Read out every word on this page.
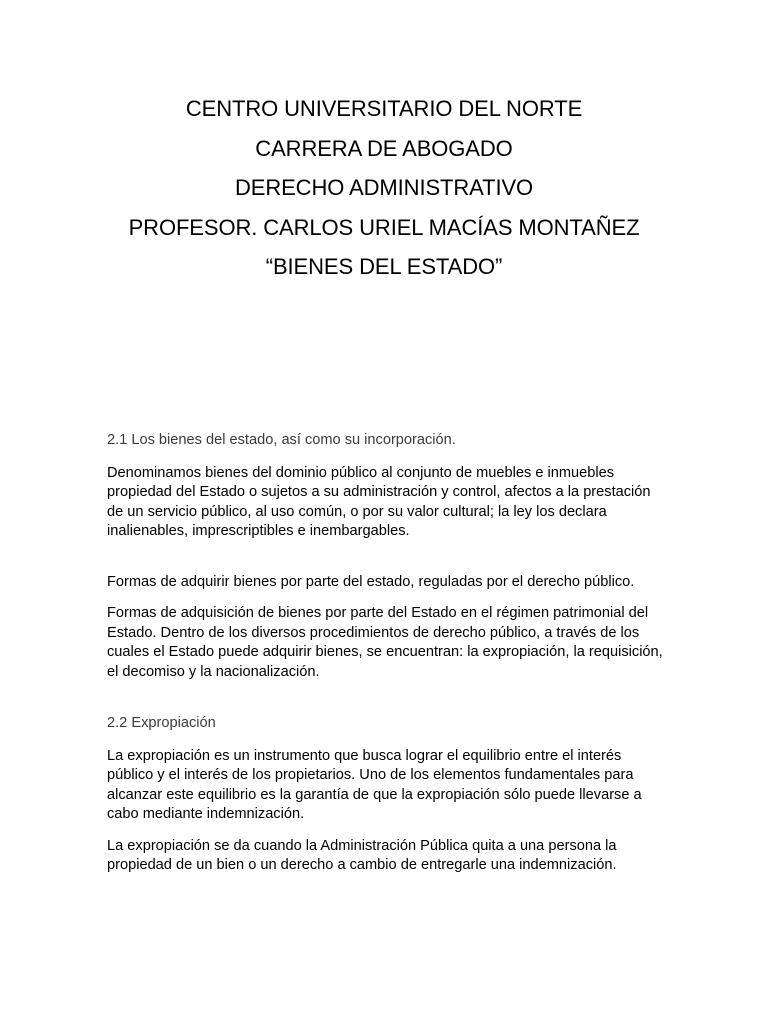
CENTRO UNIVERSITARIO DEL NORTE
CARRERA DE ABOGADO
DERECHO ADMINISTRATIVO
PROFESOR. CARLOS URIEL MACÍAS MONTAÑEZ
“BIENES DEL ESTADO”
2.1 Los bienes del estado, así como su incorporación.
Denominamos bienes del dominio público al conjunto de muebles e inmuebles propiedad del Estado o sujetos a su administración y control, afectos a la prestación de un servicio público, al uso común, o por su valor cultural; la ley los declara inalienables, imprescriptibles e inembargables.
Formas de adquirir bienes por parte del estado, reguladas por el derecho público.
Formas de adquisición de bienes por parte del Estado en el régimen patrimonial del Estado. Dentro de los diversos procedimientos de derecho público, a través de los cuales el Estado puede adquirir bienes, se encuentran: la expropiación, la requisición, el decomiso y la nacionalización.
2.2 Expropiación
La expropiación es un instrumento que busca lograr el equilibrio entre el interés público y el interés de los propietarios. Uno de los elementos fundamentales para alcanzar este equilibrio es la garantía de que la expropiación sólo puede llevarse a cabo mediante indemnización.
La expropiación se da cuando la Administración Pública quita a una persona la propiedad de un bien o un derecho a cambio de entregarle una indemnización.
